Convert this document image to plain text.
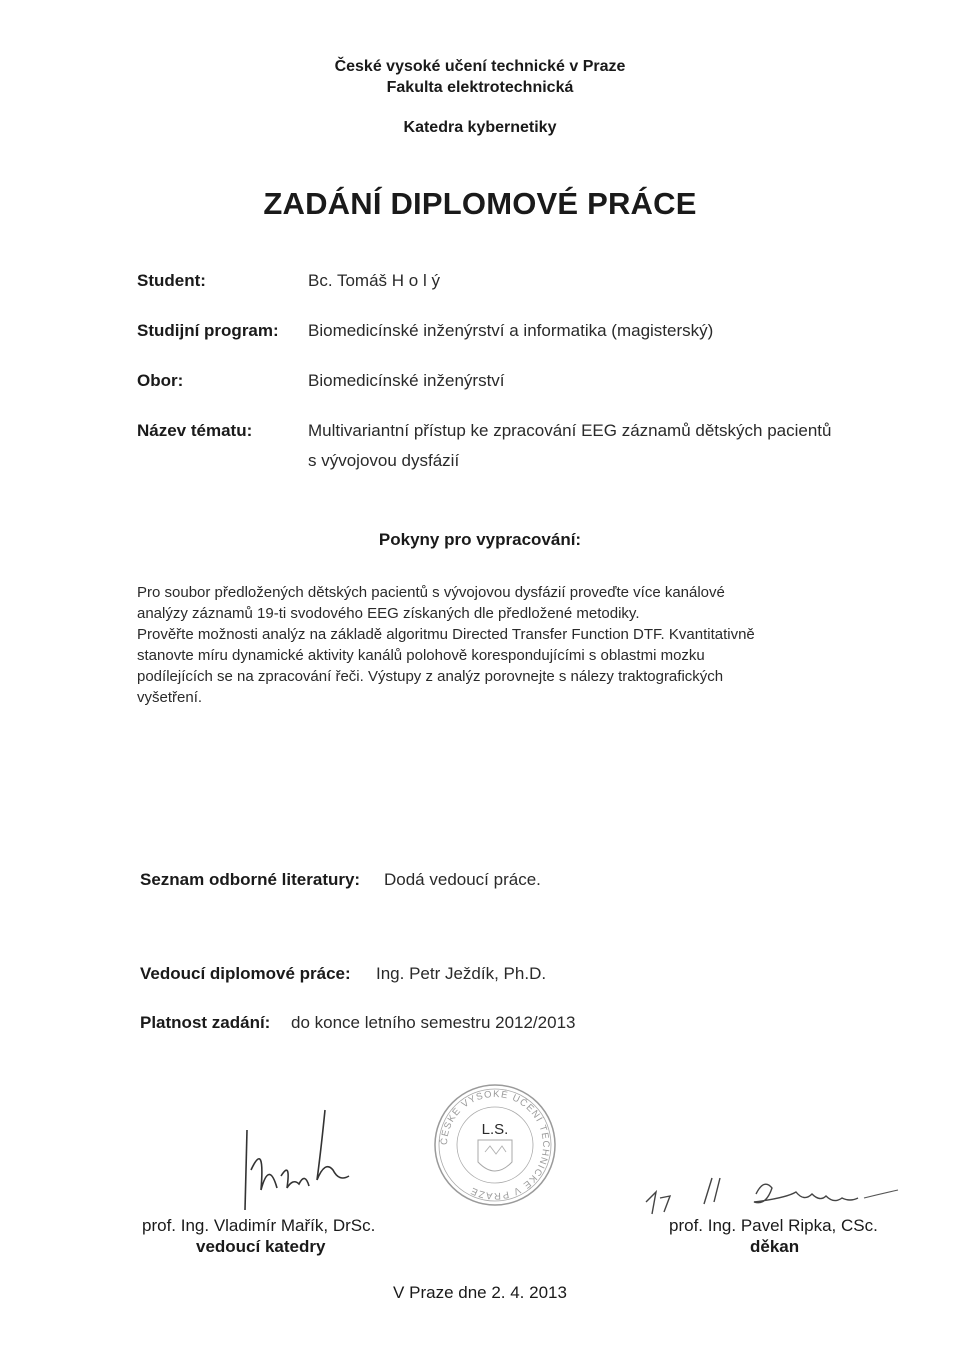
České vysoké učení technické v Praze
Fakulta elektrotechnická
Katedra kybernetiky
ZADÁNÍ DIPLOMOVÉ PRÁCE
Student:	Bc. Tomáš H o l ý
Studijní program: Biomedicínské inženýrství a informatika (magisterský)
Obor:	Biomedicínské inženýrství
Název tématu:	Multivariantní přístup ke zpracování EEG záznamů dětských pacientů
s vývojovou dysfázií
Pokyny pro vypracování:
Pro soubor předložených dětských pacientů s vývojovou dysfázií proveďte více kanálové
analýzy záznamů 19-ti svodového EEG získaných dle předložené metodiky.
Prověřte možnosti analýz na základě algoritmu Directed Transfer Function DTF. Kvantitativně
stanovte míru dynamické aktivity kanálů polohově korespondujícími s oblastmi mozku
podílejících se na zpracování řeči. Výstupy z analýz porovnejte s nálezy traktografických
vyšetření.
Seznam odborné literatury: Dodá vedoucí práce.
Vedoucí diplomové práce: Ing. Petr Ježdík, Ph.D.
Platnost zadání: do konce letního semestru 2012/2013
ČESKÉ VYSOKÉ UČENÍ TECHNICKÉ V PRAZE
L.S.
prof. Ing. Vladimír Mařík, DrSc.
vedoucí katedry
prof. Ing. Pavel Ripka, CSc.
děkan
V Praze dne 2. 4. 2013
